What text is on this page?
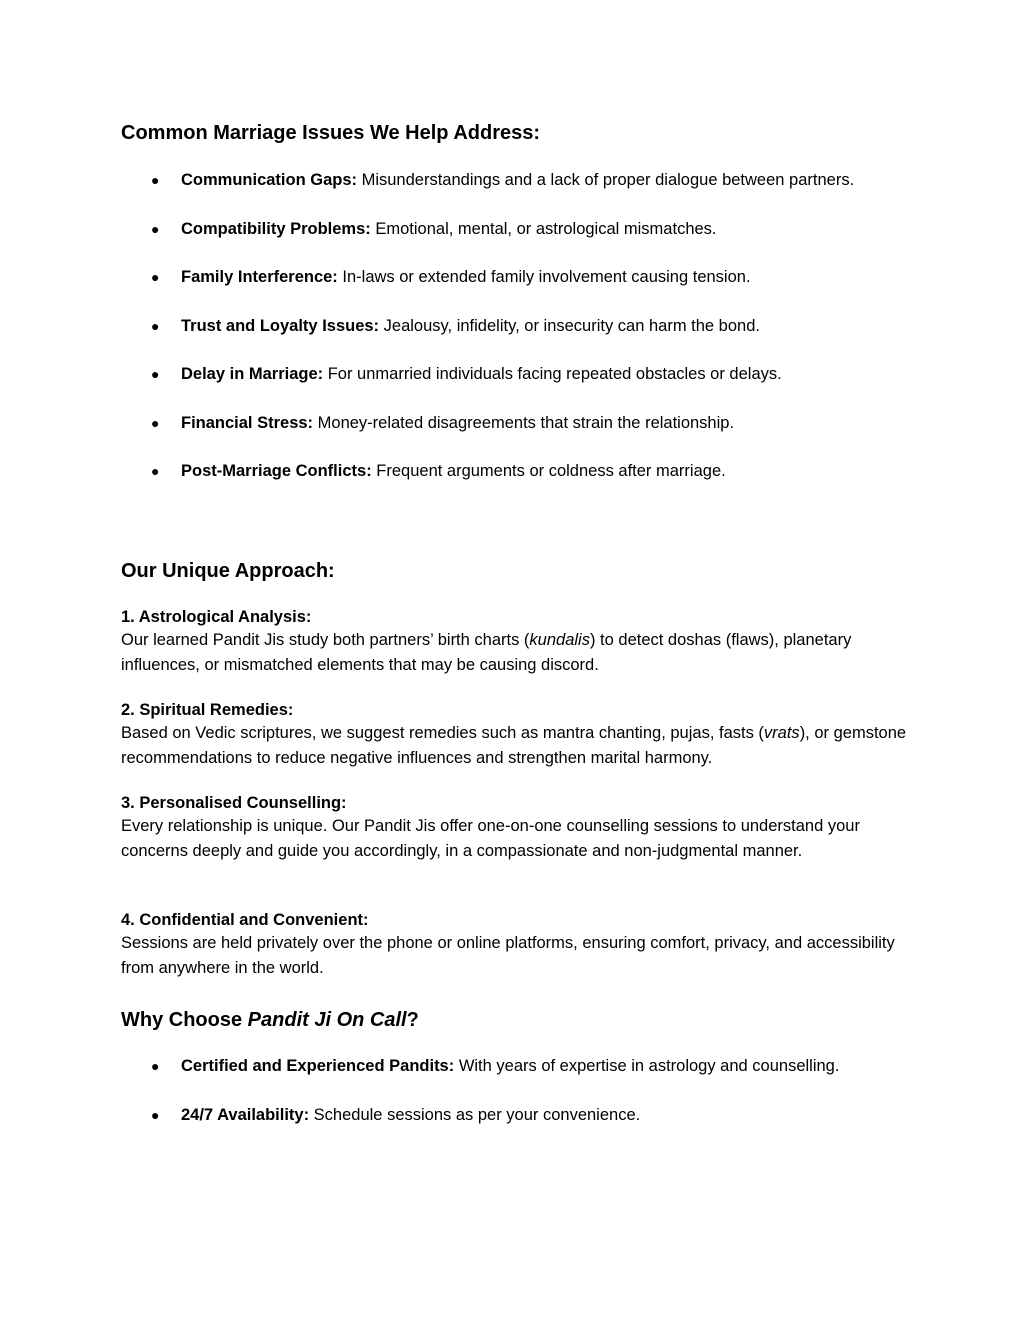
Common Marriage Issues We Help Address:
● Communication Gaps: Misunderstandings and a lack of proper dialogue between partners.
● Compatibility Problems: Emotional, mental, or astrological mismatches.
● Family Interference: In-laws or extended family involvement causing tension.
● Trust and Loyalty Issues: Jealousy, infidelity, or insecurity can harm the bond.
● Delay in Marriage: For unmarried individuals facing repeated obstacles or delays.
● Financial Stress: Money-related disagreements that strain the relationship.
● Post-Marriage Conflicts: Frequent arguments or coldness after marriage.
Our Unique Approach:
1. Astrological Analysis:
Our learned Pandit Jis study both partners’ birth charts (kundalis) to detect doshas (flaws), planetary influences, or mismatched elements that may be causing discord.
2. Spiritual Remedies:
Based on Vedic scriptures, we suggest remedies such as mantra chanting, pujas, fasts (vrats), or gemstone recommendations to reduce negative influences and strengthen marital harmony.
3. Personalised Counselling:
Every relationship is unique. Our Pandit Jis offer one-on-one counselling sessions to understand your concerns deeply and guide you accordingly, in a compassionate and non-judgmental manner.
4. Confidential and Convenient:
Sessions are held privately over the phone or online platforms, ensuring comfort, privacy, and accessibility from anywhere in the world.
Why Choose Pandit Ji On Call?
● Certified and Experienced Pandits: With years of expertise in astrology and counselling.
● 24/7 Availability: Schedule sessions as per your convenience.
